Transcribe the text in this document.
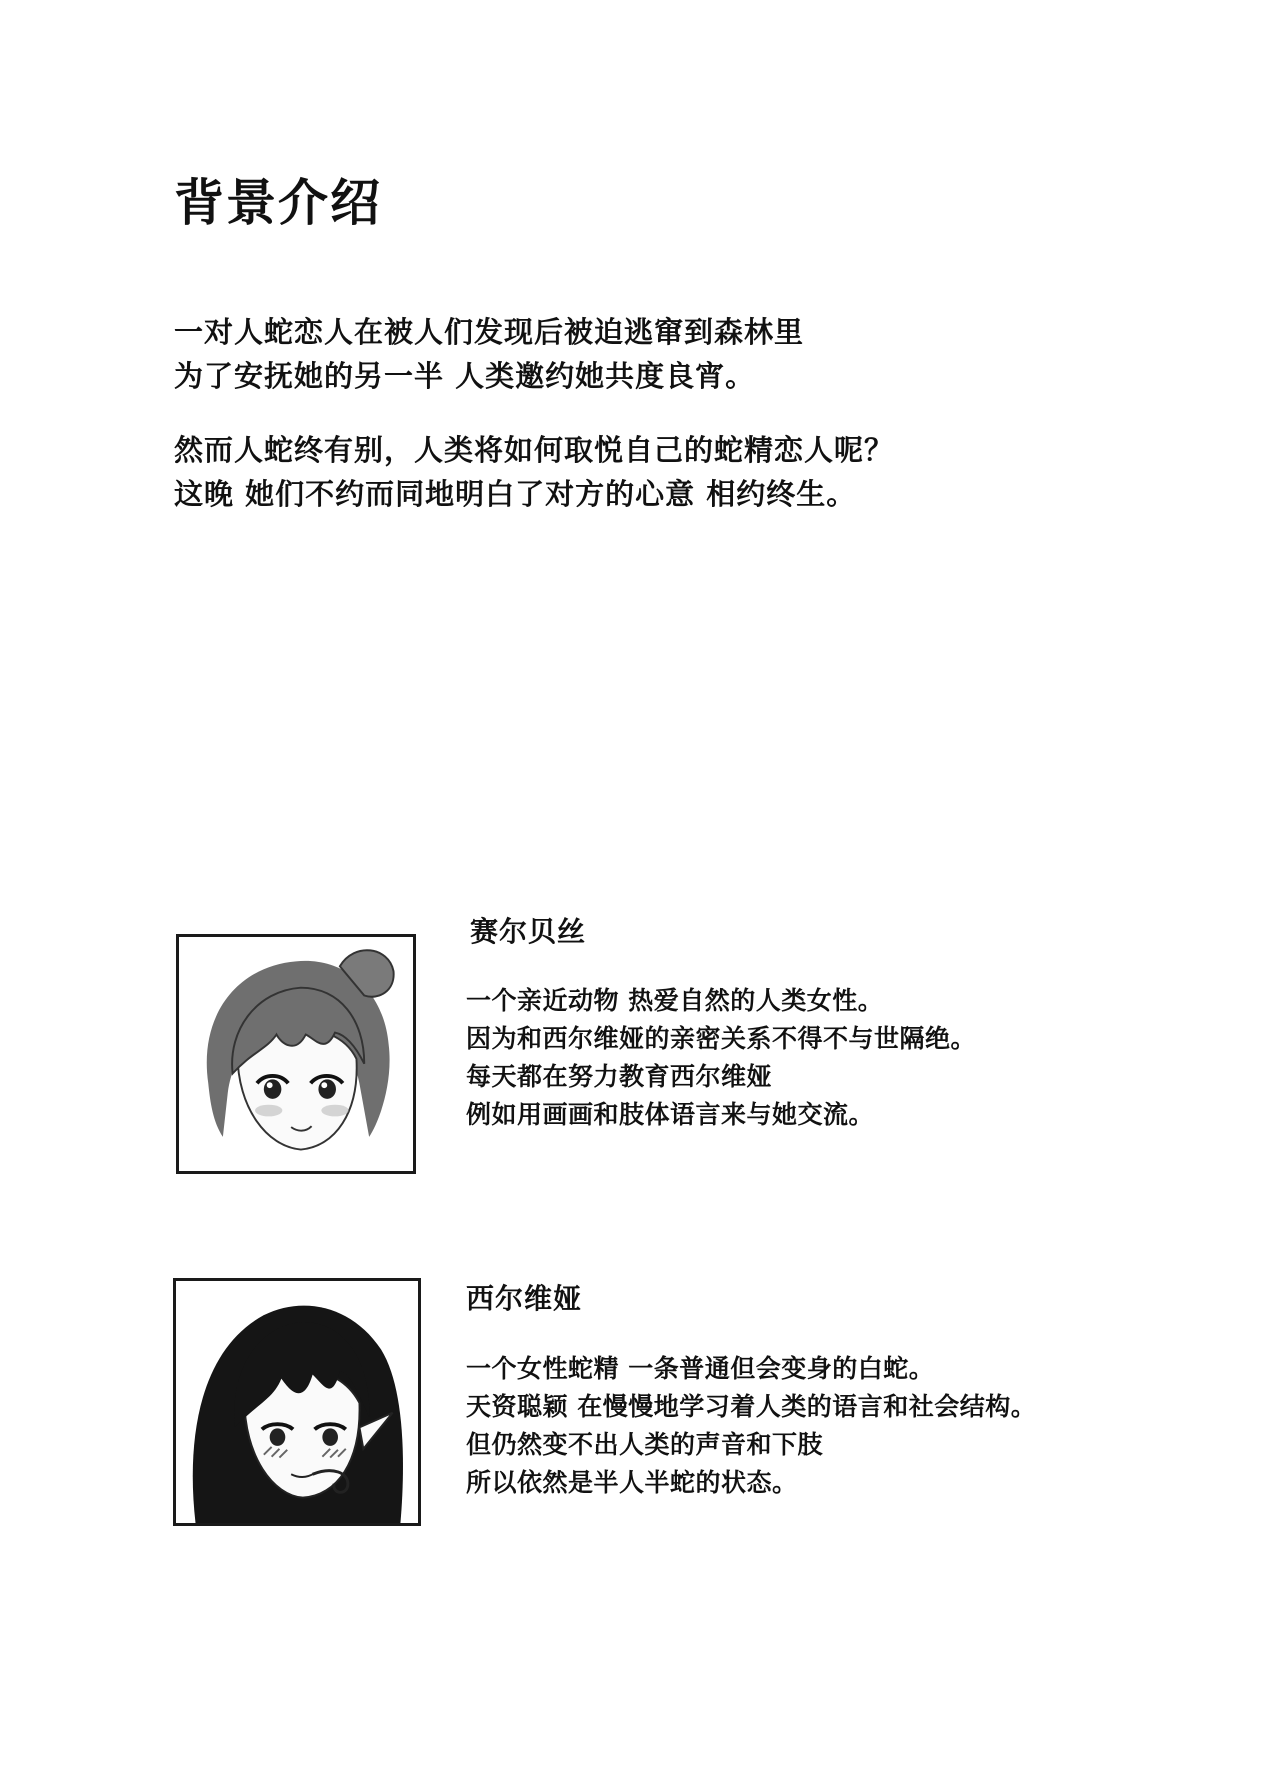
背景介绍

一对人蛇恋人在被人们发现后被迫逃窜到森林里

为了安抚她的另一半 人类邀约她共度良宵。

然而人蛇终有别，人类将如何取悦自己的蛇精恋人呢？

这晚 她们不约而同地明白了对方的心意 相约终生。

赛尔贝丝

一个亲近动物 热爱自然的人类女性。

因为和西尔维娅的亲密关系不得不与世隔绝。

每天都在努力教育西尔维娅

例如用画画和肢体语言来与她交流。

西尔维娅

一个女性蛇精 一条普通但会变身的白蛇。

天资聪颖 在慢慢地学习着人类的语言和社会结构。

但仍然变不出人类的声音和下肢

所以依然是半人半蛇的状态。
